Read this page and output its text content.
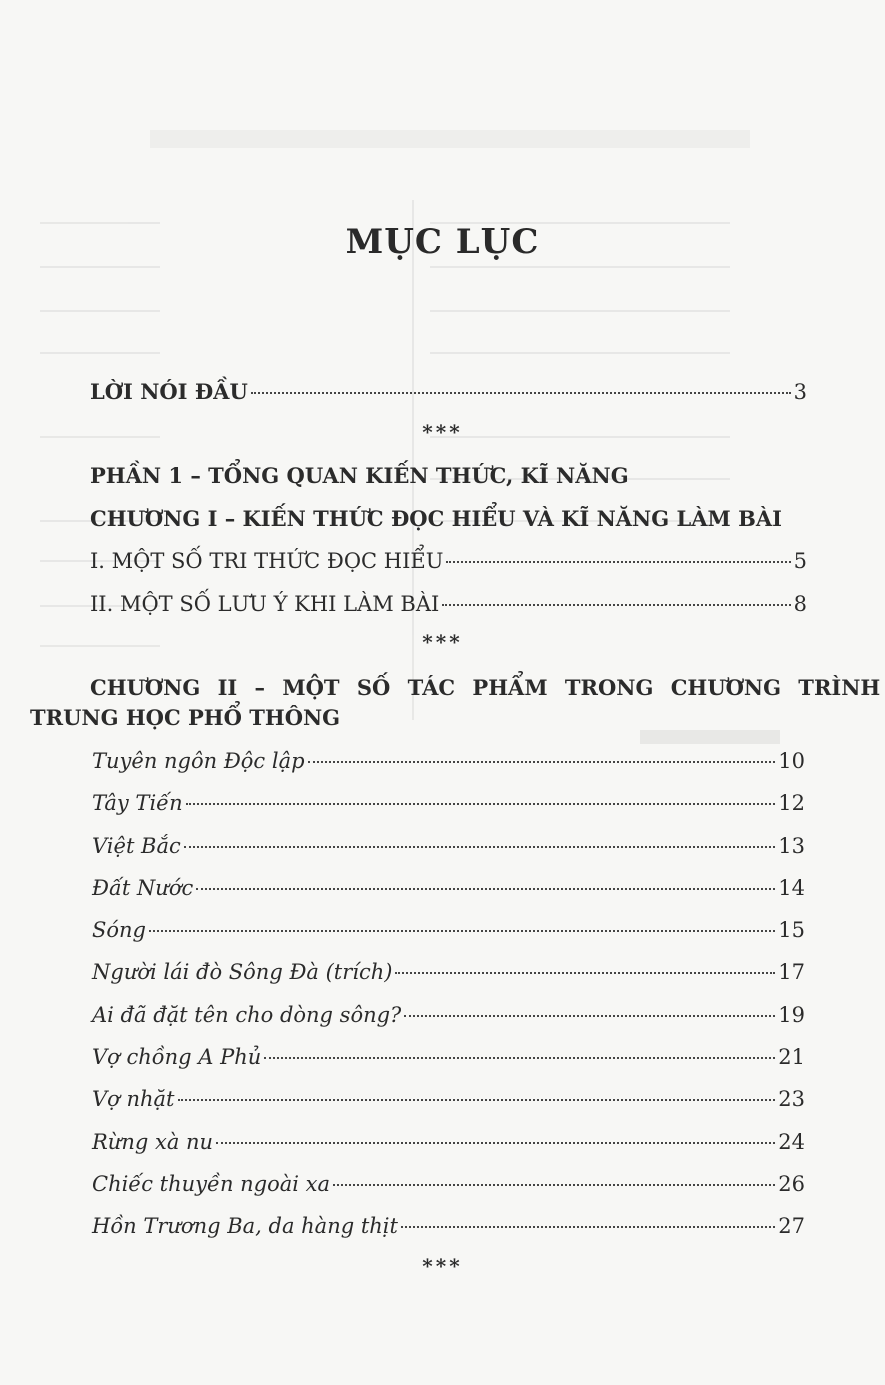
MỤC LỤC
LỜI NÓI ĐẦU	3
***
PHẦN 1 – TỔNG QUAN KIẾN THỨC, KĨ NĂNG
CHƯƠNG I – KIẾN THỨC ĐỌC HIỂU VÀ KĨ NĂNG LÀM BÀI
I. MỘT SỐ TRI THỨC ĐỌC HIỂU	5
II. MỘT SỐ LƯU Ý KHI LÀM BÀI	8
***
CHƯƠNG II – MỘT SỐ TÁC PHẨM TRONG CHƯƠNG TRÌNH
TRUNG HỌC PHỔ THÔNG
Tuyên ngôn Độc lập	10
Tây Tiến	12
Việt Bắc	13
Đất Nước	14
Sóng	15
Người lái đò Sông Đà (trích)	17
Ai đã đặt tên cho dòng sông?	19
Vợ chồng A Phủ	21
Vợ nhặt	23
Rừng xà nu	24
Chiếc thuyền ngoài xa	26
Hồn Trương Ba, da hàng thịt	27
***
